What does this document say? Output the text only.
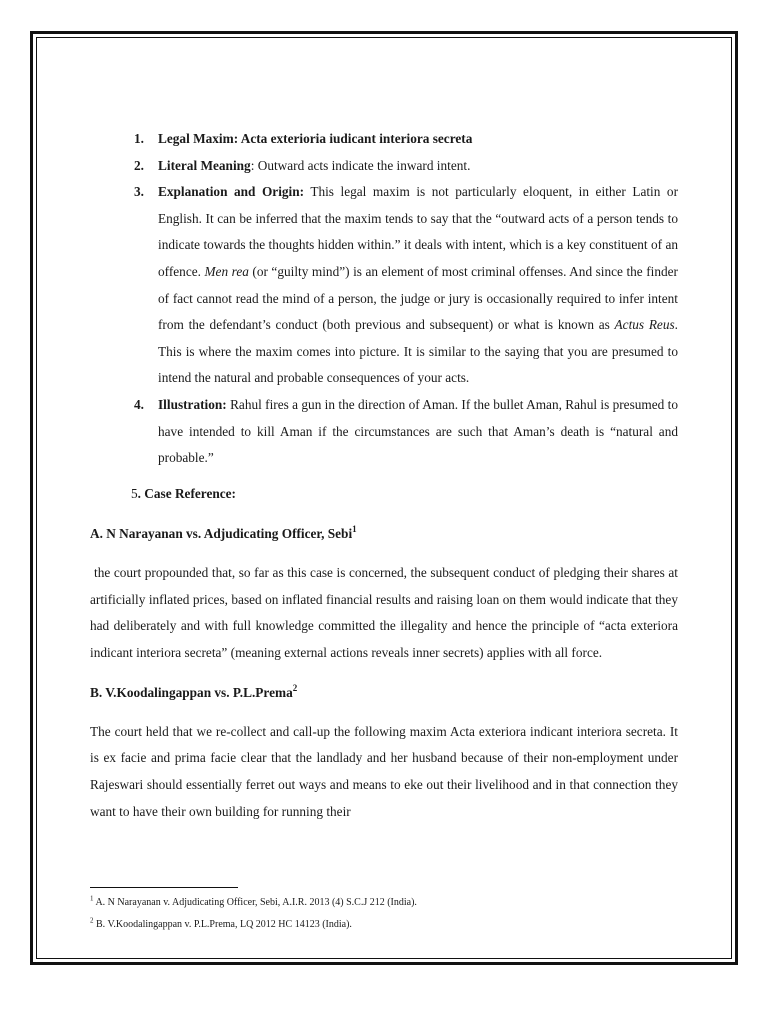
1. Legal Maxim: Acta exterioria iudicant interiora secreta
2. Literal Meaning: Outward acts indicate the inward intent.
3. Explanation and Origin: This legal maxim is not particularly eloquent, in either Latin or English. It can be inferred that the maxim tends to say that the “outward acts of a person tends to indicate towards the thoughts hidden within.” it deals with intent, which is a key constituent of an offence. Men rea (or “guilty mind”) is an element of most criminal offenses. And since the finder of fact cannot read the mind of a person, the judge or jury is occasionally required to infer intent from the defendant’s conduct (both previous and subsequent) or what is known as Actus Reus. This is where the maxim comes into picture. It is similar to the saying that you are presumed to intend the natural and probable consequences of your acts.
4. Illustration: Rahul fires a gun in the direction of Aman. If the bullet Aman, Rahul is presumed to have intended to kill Aman if the circumstances are such that Aman’s death is “natural and probable.”
5. Case Reference:
A. N Narayanan vs. Adjudicating Officer, Sebi$^1$

the court propounded that, so far as this case is concerned, the subsequent conduct of pledging their shares at artificially inflated prices, based on inflated financial results and raising loan on them would indicate that they had deliberately and with full knowledge committed the illegality and hence the principle of “acta exteriora indicant interiora secreta” (meaning external actions reveals inner secrets) applies with all force.

B. V.Koodalingappan vs. P.L.Prema$^2$

The court held that we re-collect and call-up the following maxim Acta exteriora indicant interiora secreta. It is ex facie and prima facie clear that the landlady and her husband because of their non-employment under Rajeswari should essentially ferret out ways and means to eke out their livelihood and in that connection they want to have their own building for running their

$^1$ A. N Narayanan v. Adjudicating Officer, Sebi, A.I.R. 2013 (4) S.C.J 212 (India).
$^2$ B. V.Koodalingappan v. P.L.Prema, LQ 2012 HC 14123 (India).
